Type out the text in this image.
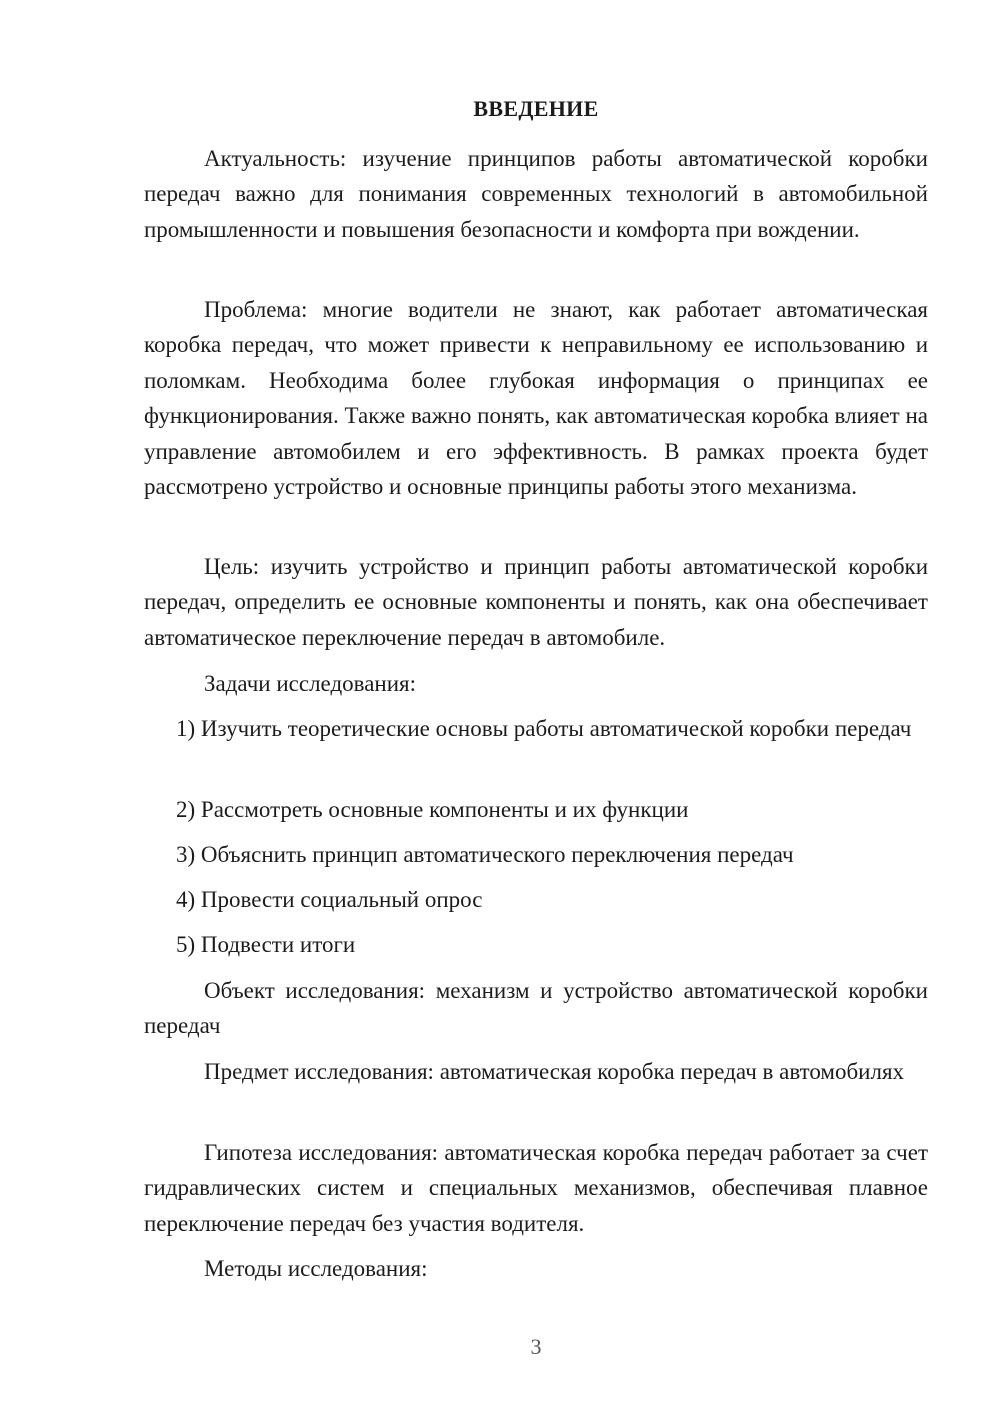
ВВЕДЕНИЕ
Актуальность: изучение принципов работы автоматической коробки передач важно для понимания современных технологий в автомобильной промышленности и повышения безопасности и комфорта при вождении.
Проблема: многие водители не знают, как работает автоматическая коробка передач, что может привести к неправильному ее использованию и поломкам. Необходима более глубокая информация о принципах ее функционирования. Также важно понять, как автоматическая коробка влияет на управление автомобилем и его эффективность. В рамках проекта будет рассмотрено устройство и основные принципы работы этого механизма.
Цель: изучить устройство и принцип работы автоматической коробки передач, определить ее основные компоненты и понять, как она обеспечивает автоматическое переключение передач в автомобиле.
Задачи исследования:
1) Изучить теоретические основы работы автоматической коробки передач
2) Рассмотреть основные компоненты и их функции
3) Объяснить принцип автоматического переключения передач
4) Провести социальный опрос
5) Подвести итоги
Объект исследования: механизм и устройство автоматической коробки передач
Предмет исследования: автоматическая коробка передач в автомобилях
Гипотеза исследования: автоматическая коробка передач работает за счет гидравлических систем и специальных механизмов, обеспечивая плавное переключение передач без участия водителя.
Методы исследования:
3
